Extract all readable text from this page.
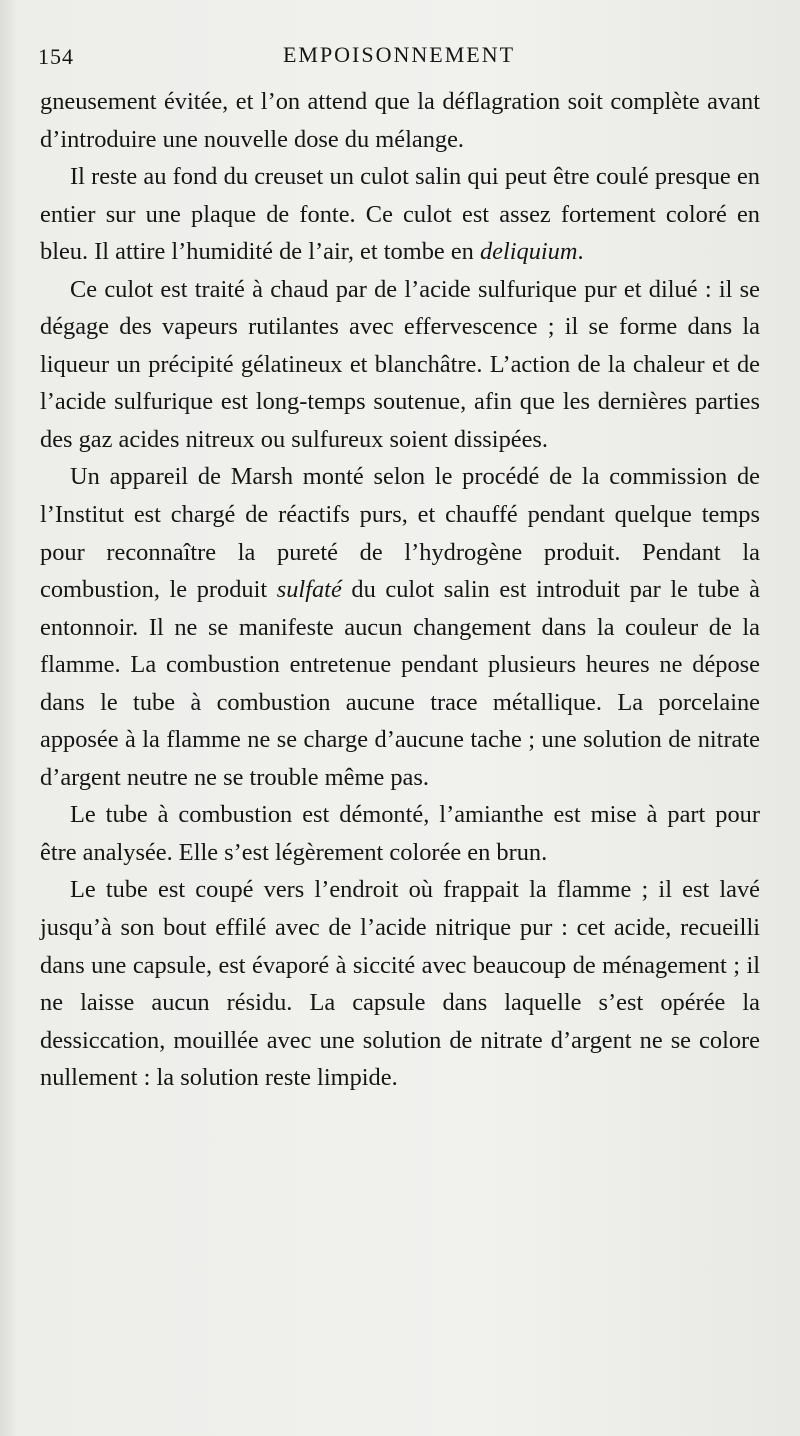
154	EMPOISONNEMENT

gneusement évitée, et l’on attend que la déflagration soit complète avant d’introduire une nouvelle dose du mélange.

Il reste au fond du creuset un culot salin qui peut être coulé presque en entier sur une plaque de fonte. Ce culot est assez fortement coloré en bleu. Il attire l’humidité de l’air, et tombe en deliquium.

Ce culot est traité à chaud par de l’acide sulfurique pur et dilué : il se dégage des vapeurs rutilantes avec effervescence ; il se forme dans la liqueur un précipité gélatineux et blanchâtre. L’action de la chaleur et de l’acide sulfurique est long-temps soutenue, afin que les dernières parties des gaz acides nitreux ou sulfureux soient dissipées.

Un appareil de Marsh monté selon le procédé de la commission de l’Institut est chargé de réactifs purs, et chauffé pendant quelque temps pour reconnaître la pureté de l’hydrogène produit. Pendant la combustion, le produit sulfaté du culot salin est introduit par le tube à entonnoir. Il ne se manifeste aucun changement dans la couleur de la flamme. La combustion entretenue pendant plusieurs heures ne dépose dans le tube à combustion aucune trace métallique. La porcelaine apposée à la flamme ne se charge d’aucune tache ; une solution de nitrate d’argent neutre ne se trouble même pas.

Le tube à combustion est démonté, l’amianthe est mise à part pour être analysée. Elle s’est légèrement colorée en brun.

Le tube est coupé vers l’endroit où frappait la flamme ; il est lavé jusqu’à son bout effilé avec de l’acide nitrique pur : cet acide, recueilli dans une capsule, est évaporé à siccité avec beaucoup de ménagement ; il ne laisse aucun résidu. La capsule dans laquelle s’est opérée la dessiccation, mouillée avec une solution de nitrate d’argent ne se colore nullement : la solution reste limpide.
